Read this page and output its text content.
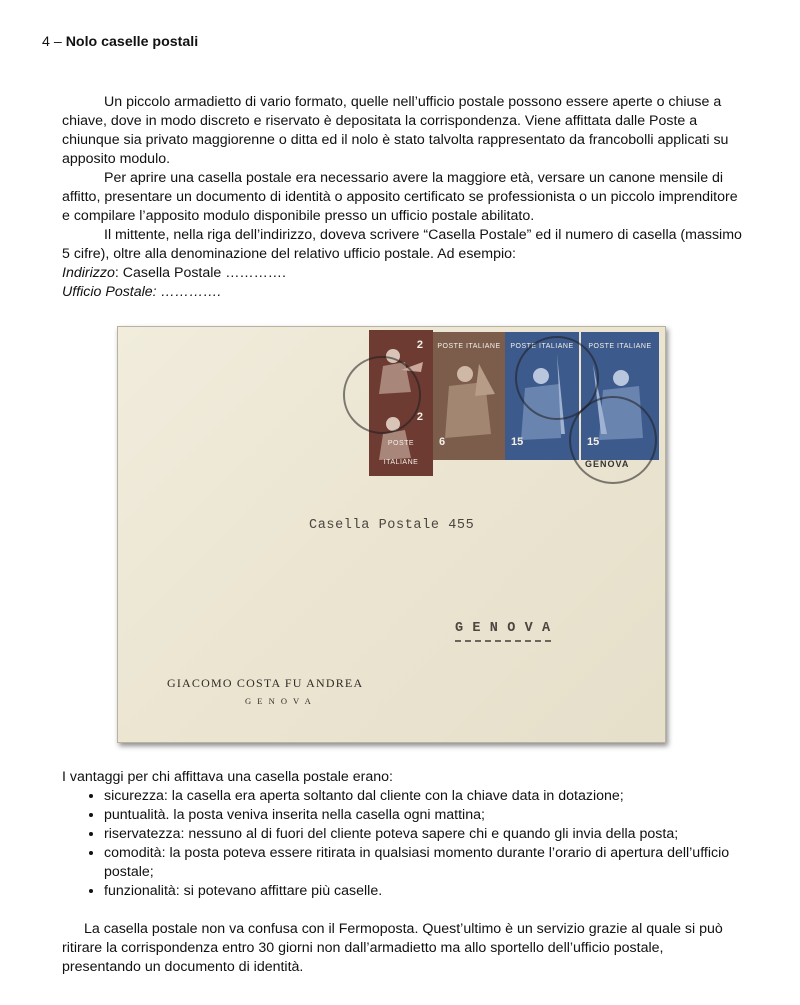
4 – Nolo caselle postali

Un piccolo armadietto di vario formato, quelle nell’ufficio postale possono essere aperte o chiuse a chiave, dove in modo discreto e riservato è depositata la corrispondenza. Viene affittata dalle Poste a chiunque sia privato maggiorenne o ditta ed il nolo è stato talvolta rappresentato da francobolli applicati su apposito modulo.

Per aprire una casella postale era necessario avere la maggiore età, versare un canone mensile di affitto, presentare un documento di identità o apposito certificato se professionista o un piccolo imprenditore e compilare l’apposito modulo disponibile presso un ufficio postale abilitato.

Il mittente, nella riga dell’indirizzo, doveva scrivere “Casella Postale” ed il numero di casella (massimo 5 cifre), oltre alla denominazione del relativo ufficio postale. Ad esempio:

Indirizzo: Casella Postale ………….
Ufficio Postale: ………….
2
2
POSTE ITALIANE
POSTE ITALIANE
6
POSTE ITALIANE
15
POSTE ITALIANE
15
GENOVA
Casella Postale 455
G E N O V A
GIACOMO COSTA FU ANDREA
G E N O V A
I vantaggi per chi affittava una casella postale erano:
• sicurezza: la casella era aperta soltanto dal cliente con la chiave data in dotazione;
• puntualità. la posta veniva inserita nella casella ogni mattina;
• riservatezza: nessuno al di fuori del cliente poteva sapere chi e quando gli invia della posta;
• comodità: la posta poteva essere ritirata in qualsiasi momento durante l’orario di apertura dell’ufficio postale;
• funzionalità: si potevano affittare più caselle.

La casella postale non va confusa con il Fermoposta. Quest’ultimo è un servizio grazie al quale si può ritirare la corrispondenza entro 30 giorni non dall’armadietto ma allo sportello dell’ufficio postale, presentando un documento di identità.
